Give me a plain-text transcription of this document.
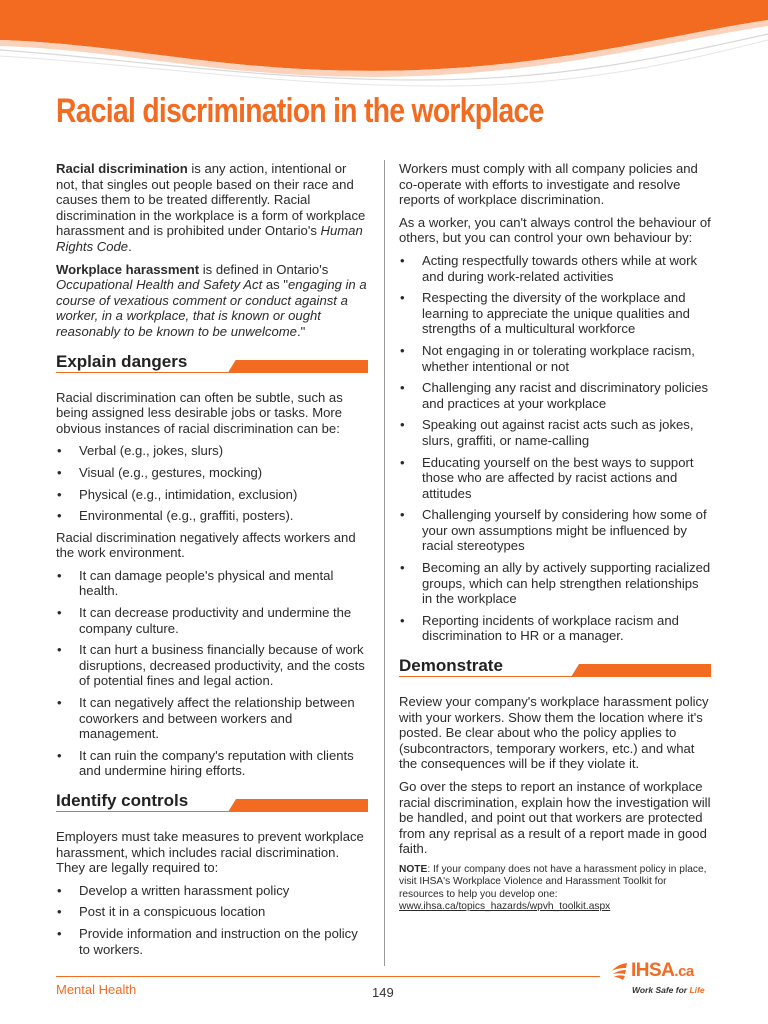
Racial discrimination in the workplace

Racial discrimination is any action, intentional or not, that singles out people based on their race and causes them to be treated differently. Racial discrimination in the workplace is a form of workplace harassment and is prohibited under Ontario's Human Rights Code.

Workplace harassment is defined in Ontario's Occupational Health and Safety Act as "engaging in a course of vexatious comment or conduct against a worker, in a workplace, that is known or ought reasonably to be known to be unwelcome."

Explain dangers

Racial discrimination can often be subtle, such as being assigned less desirable jobs or tasks. More obvious instances of racial discrimination can be:

• Verbal (e.g., jokes, slurs)
• Visual (e.g., gestures, mocking)
• Physical (e.g., intimidation, exclusion)
• Environmental (e.g., graffiti, posters).

Racial discrimination negatively affects workers and the work environment.

• It can damage people's physical and mental health.
• It can decrease productivity and undermine the company culture.
• It can hurt a business financially because of work disruptions, decreased productivity, and the costs of potential fines and legal action.
• It can negatively affect the relationship between coworkers and between workers and management.
• It can ruin the company's reputation with clients and undermine hiring efforts.
Identify controls

Employers must take measures to prevent workplace harassment, which includes racial discrimination. They are legally required to:

• Develop a written harassment policy
• Post it in a conspicuous location
• Provide information and instruction on the policy to workers.

Workers must comply with all company policies and co-operate with efforts to investigate and resolve reports of workplace discrimination.

As a worker, you can't always control the behaviour of others, but you can control your own behaviour by:

• Acting respectfully towards others while at work and during work-related activities
• Respecting the diversity of the workplace and learning to appreciate the unique qualities and strengths of a multicultural workforce
• Not engaging in or tolerating workplace racism, whether intentional or not
• Challenging any racist and discriminatory policies and practices at your workplace
• Speaking out against racist acts such as jokes, slurs, graffiti, or name-calling
• Educating yourself on the best ways to support those who are affected by racist actions and attitudes
• Challenging yourself by considering how some of your own assumptions might be influenced by racial stereotypes
• Becoming an ally by actively supporting racialized groups, which can help strengthen relationships in the workplace
• Reporting incidents of workplace racism and discrimination to HR or a manager.
Demonstrate

Review your company's workplace harassment policy with your workers. Show them the location where it's posted. Be clear about who the policy applies to (subcontractors, temporary workers, etc.) and what the consequences will be if they violate it.

Go over the steps to report an instance of workplace racial discrimination, explain how the investigation will be handled, and point out that workers are protected from any reprisal as a result of a report made in good faith.

NOTE: If your company does not have a harassment policy in place, visit IHSA's Workplace Violence and Harassment Toolkit for resources to help you develop one:
www.ihsa.ca/topics_hazards/wpvh_toolkit.aspx
Mental Health	149
IHSA.ca
Work Safe for Life
